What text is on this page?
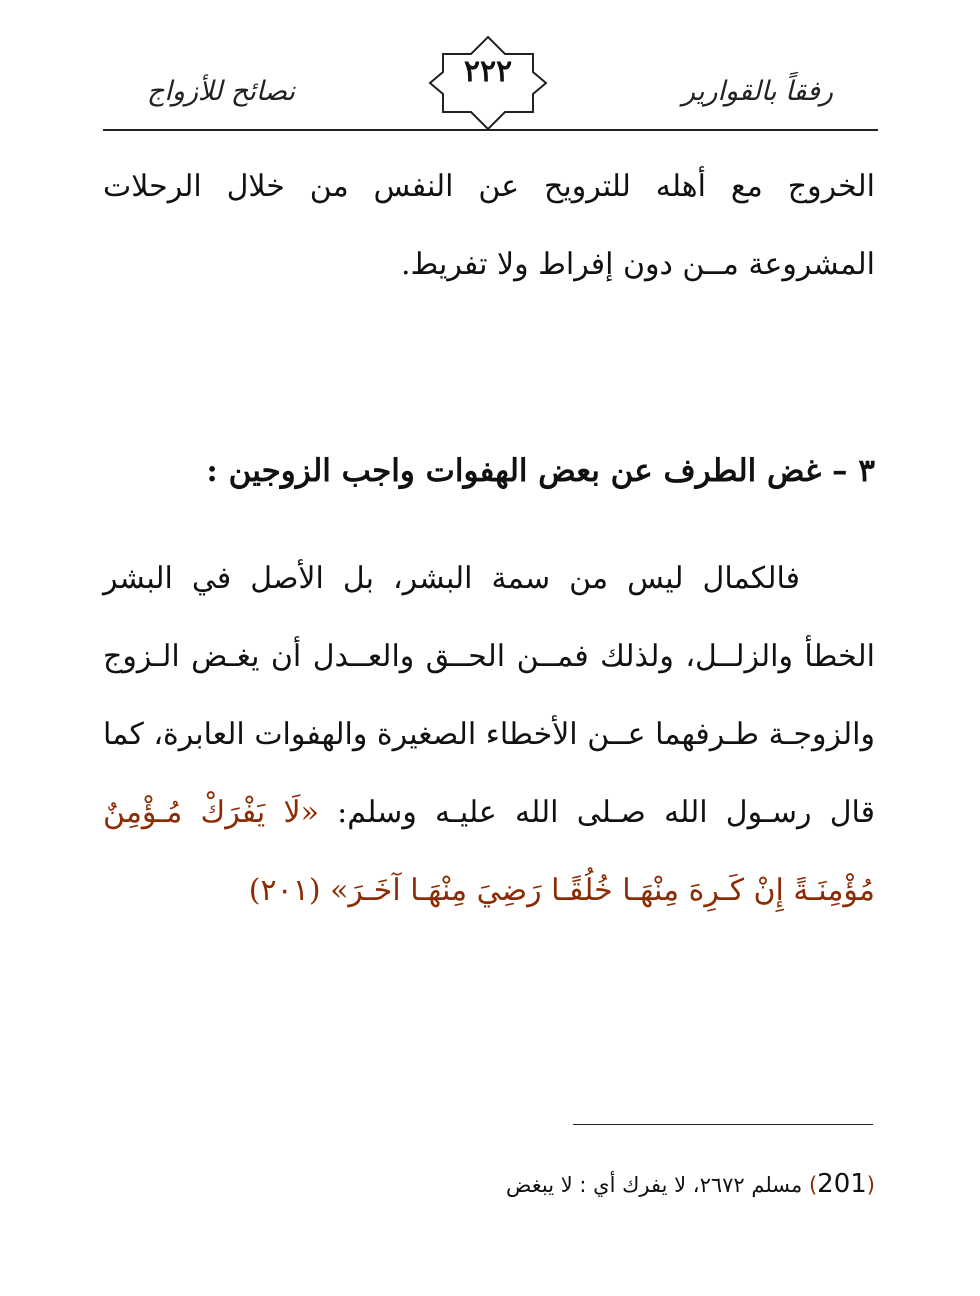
رفقاً بالقوارير
٢٢٢
نصائح للأزواج
الخروج مع أهله للترويح عن النفس من خلال الرحلات المشروعة مــن دون إفراط ولا تفريط.
٣ – غض الطرف عن بعض الهفوات واجب الزوجين :
فالكمال ليس من سمة البشر، بل الأصل في البشر الخطأ والزلــل، ولذلك فمــن الحــق والعــدل أن يغـض الـزوج والزوجـة طـرفهما عــن الأخطاء الصغيرة والهفوات العابرة، كما قال رسـول الله صـلى الله عليـه وسلم: «لَا يَفْرَكْ مُـؤْمِنٌ مُؤْمِنَـةً إِنْ كَـرِهَ مِنْهَـا خُلُقًـا رَضِيَ مِنْهَـا آخَـرَ» (٢٠١)
(201) مسلم ٢٦٧٢، لا يفرك أي : لا يبغض
